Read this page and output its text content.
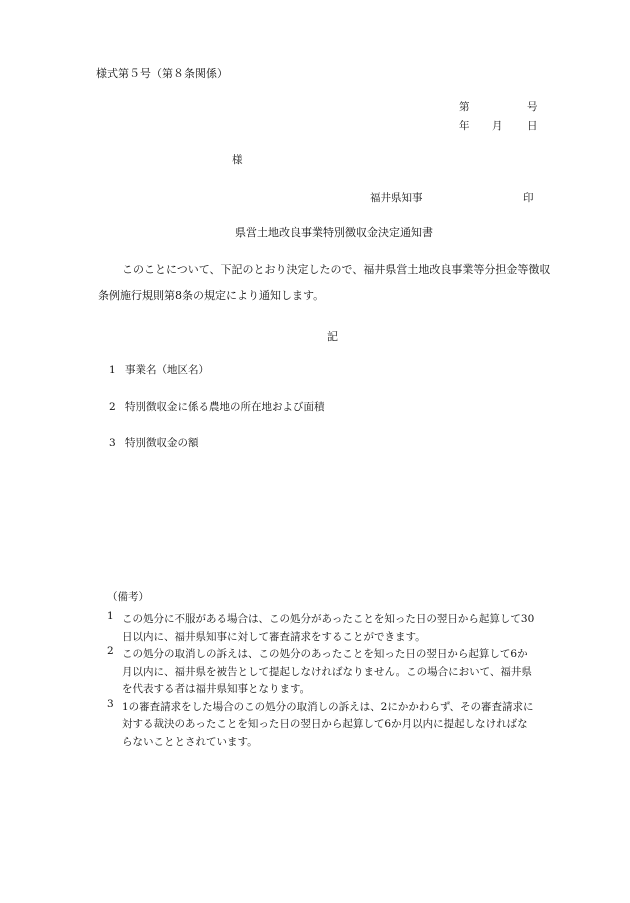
様式第５号（第８条関係）
第	号
年 月 日
様
福井県知事	印
県営土地改良事業特別徴収金決定通知書
このことについて、下記のとおり決定したので、福井県営土地改良事業等分担金等徴収
条例施行規則第8条の規定により通知します。
記
1 事業名（地区名）
2 特別徴収金に係る農地の所在地および面積
3 特別徴収金の額
（備考）
1 この処分に不服がある場合は、この処分があったことを知った日の翌日から起算して30
日以内に、福井県知事に対して審査請求をすることができます。
2 この処分の取消しの訴えは、この処分のあったことを知った日の翌日から起算して6か
月以内に、福井県を被告として提起しなければなりません。この場合において、福井県
を代表する者は福井県知事となります。
3 1の審査請求をした場合のこの処分の取消しの訴えは、2にかかわらず、その審査請求に
対する裁決のあったことを知った日の翌日から起算して6か月以内に提起しなければな
らないこととされています。
